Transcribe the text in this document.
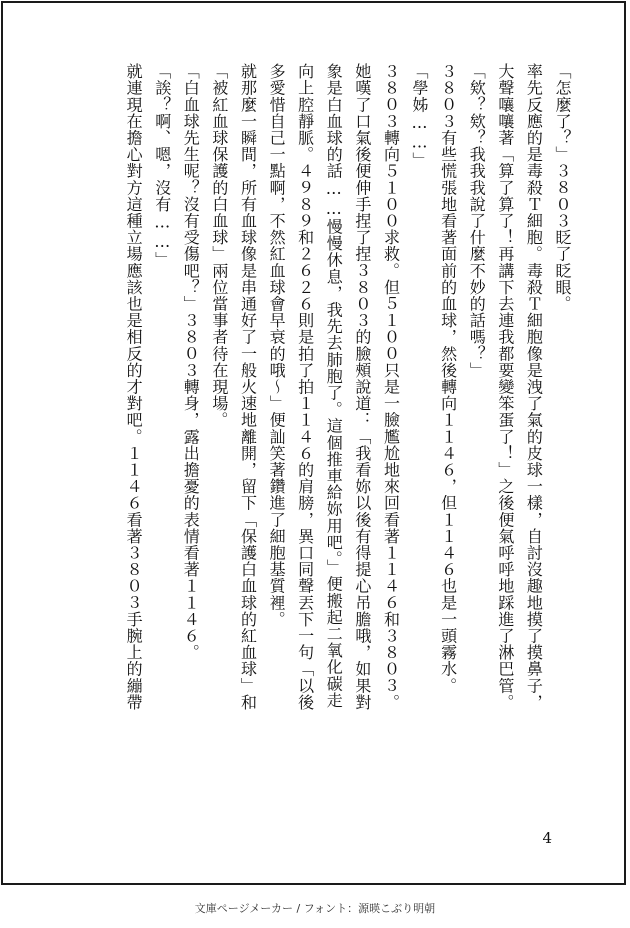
「怎麼了？」３８０３眨了眨眼。

率先反應的是毒殺Ｔ細胞。毒殺Ｔ細胞像是洩了氣的皮球一樣，自討沒趣地摸了摸鼻子，

大聲嚷嚷著「算了算了！再講下去連我都要變笨蛋了！」之後便氣呼呼地踩進了淋巴管。

「欸？欸？我我我說了什麼不妙的話嗎？」

３８０３有些慌張地看著面前的血球，然後轉向１１４６，但１１４６也是一頭霧水。

「學姊……」

３８０３轉向５１００求救。但５１００只是一臉尷尬地來回看著１１４６和３８０３。

她嘆了口氣後便伸手捏了捏３８０３的臉頰說道：「我看妳以後有得提心吊膽哦，如果對

象是白血球的話……慢慢休息，我先去肺胞了。這個推車給妳用吧。」便搬起二氧化碳走

向上腔靜脈。４９８９和２６２６則是拍了拍１１４６的肩膀，異口同聲丟下一句「以後

多愛惜自己一點啊，不然紅血球會早衰的哦～」便訕笑著鑽進了細胞基質裡。

就那麼一瞬間，所有血球像是串通好了一般火速地離開，留下「保護白血球的紅血球」和

「被紅血球保護的白血球」兩位當事者待在現場。

「白血球先生呢？沒有受傷吧？」３８０３轉身，露出擔憂的表情看著１１４６。

「誒？啊、嗯，沒有……」

就連現在擔心對方這種立場應該也是相反的才對吧。１１４６看著３８０３手腕上的繃帶

4
文庫ページメーカー / フォント：源暎こぶり明朝
